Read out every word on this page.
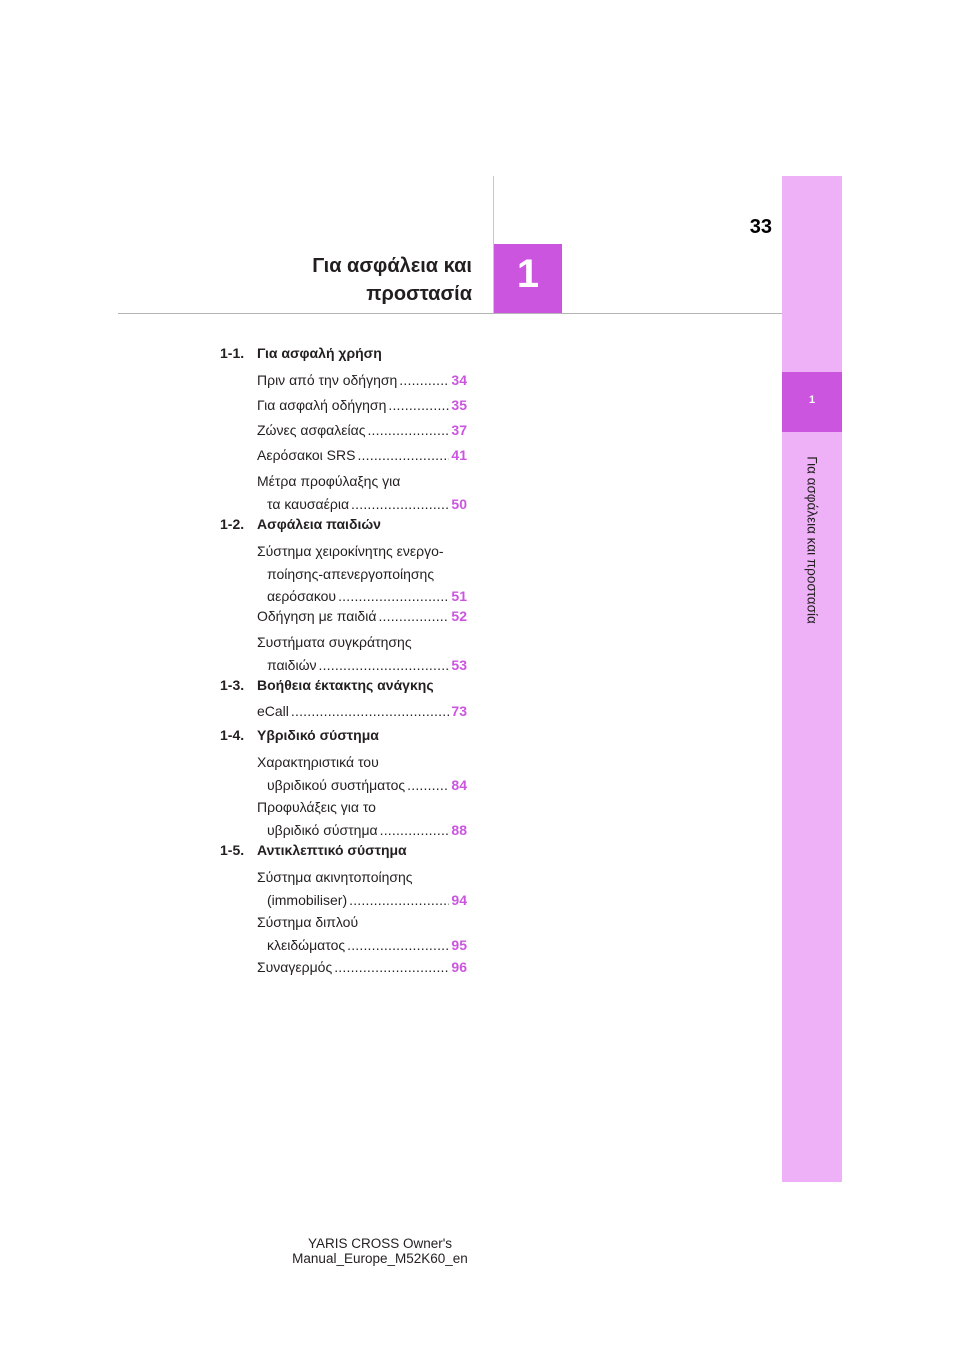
1
Για ασφάλεια και προστασία
33
1
Για ασφάλεια και
προστασία
1-1. Για ασφαλή χρήση
Πριν από την οδήγηση .....	34
Για ασφαλή οδήγηση .....	35
Ζώνες ασφαλείας .....	37
Αερόσακοι SRS .....	41
Μέτρα προφύλαξης για
τα καυσαέρια .....	50
1-2. Ασφάλεια παιδιών
Σύστημα χειροκίνητης ενεργο-
ποίησης-απενεργοποίησης
αερόσακου .....	51
Οδήγηση με παιδιά .....	52
Συστήματα συγκράτησης
παιδιών .....	53
1-3. Βοήθεια έκτακτης ανάγκης
eCall .....	73
1-4. Υβριδικό σύστημα
Χαρακτηριστικά του
υβριδικού συστήματος .....	84
Προφυλάξεις για το
υβριδικό σύστημα .....	88
1-5. Αντικλεπτικό σύστημα
Σύστημα ακινητοποίησης
(immobiliser) .....	94
Σύστημα διπλού
κλειδώματος .....	95
Συναγερμός .....	96
YARIS CROSS Owner's Manual_Europe_M52K60_en
